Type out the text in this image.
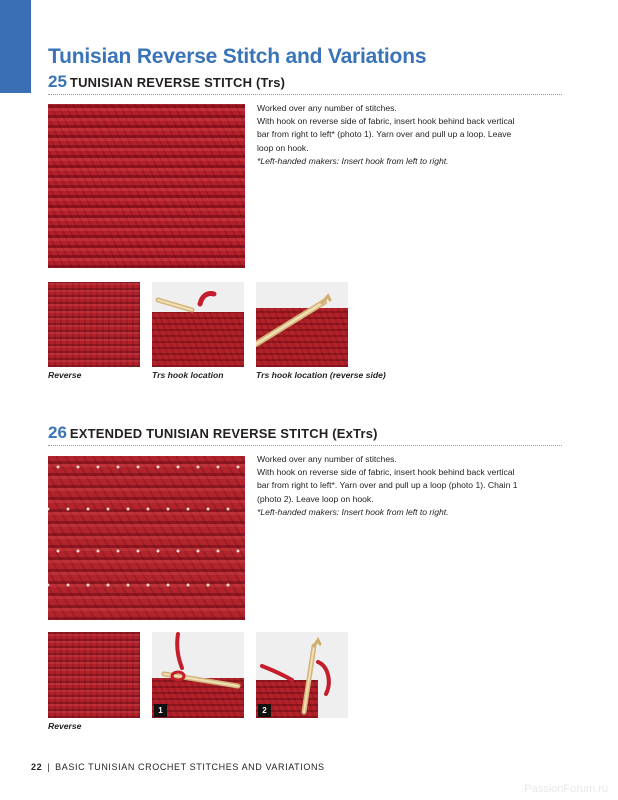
Tunisian Reverse Stitch and Variations
25 TUNISIAN REVERSE STITCH (Trs)

Worked over any number of stitches.

With hook on reverse side of fabric, insert hook behind back vertical bar from right to left* (photo 1). Yarn over and pull up a loop. Leave loop on hook.

*Left-handed makers: Insert hook from left to right.

Reverse	Trs hook location	Trs hook location (reverse side)
26 EXTENDED TUNISIAN REVERSE STITCH (ExTrs)

Worked over any number of stitches.

With hook on reverse side of fabric, insert hook behind back vertical bar from right to left*. Yarn over and pull up a loop (photo 1). Chain 1 (photo 2). Leave loop on hook.

*Left-handed makers: Insert hook from left to right.

1	2
Reverse
22 | BASIC TUNISIAN CROCHET STITCHES AND VARIATIONS
PassionForum.ru
